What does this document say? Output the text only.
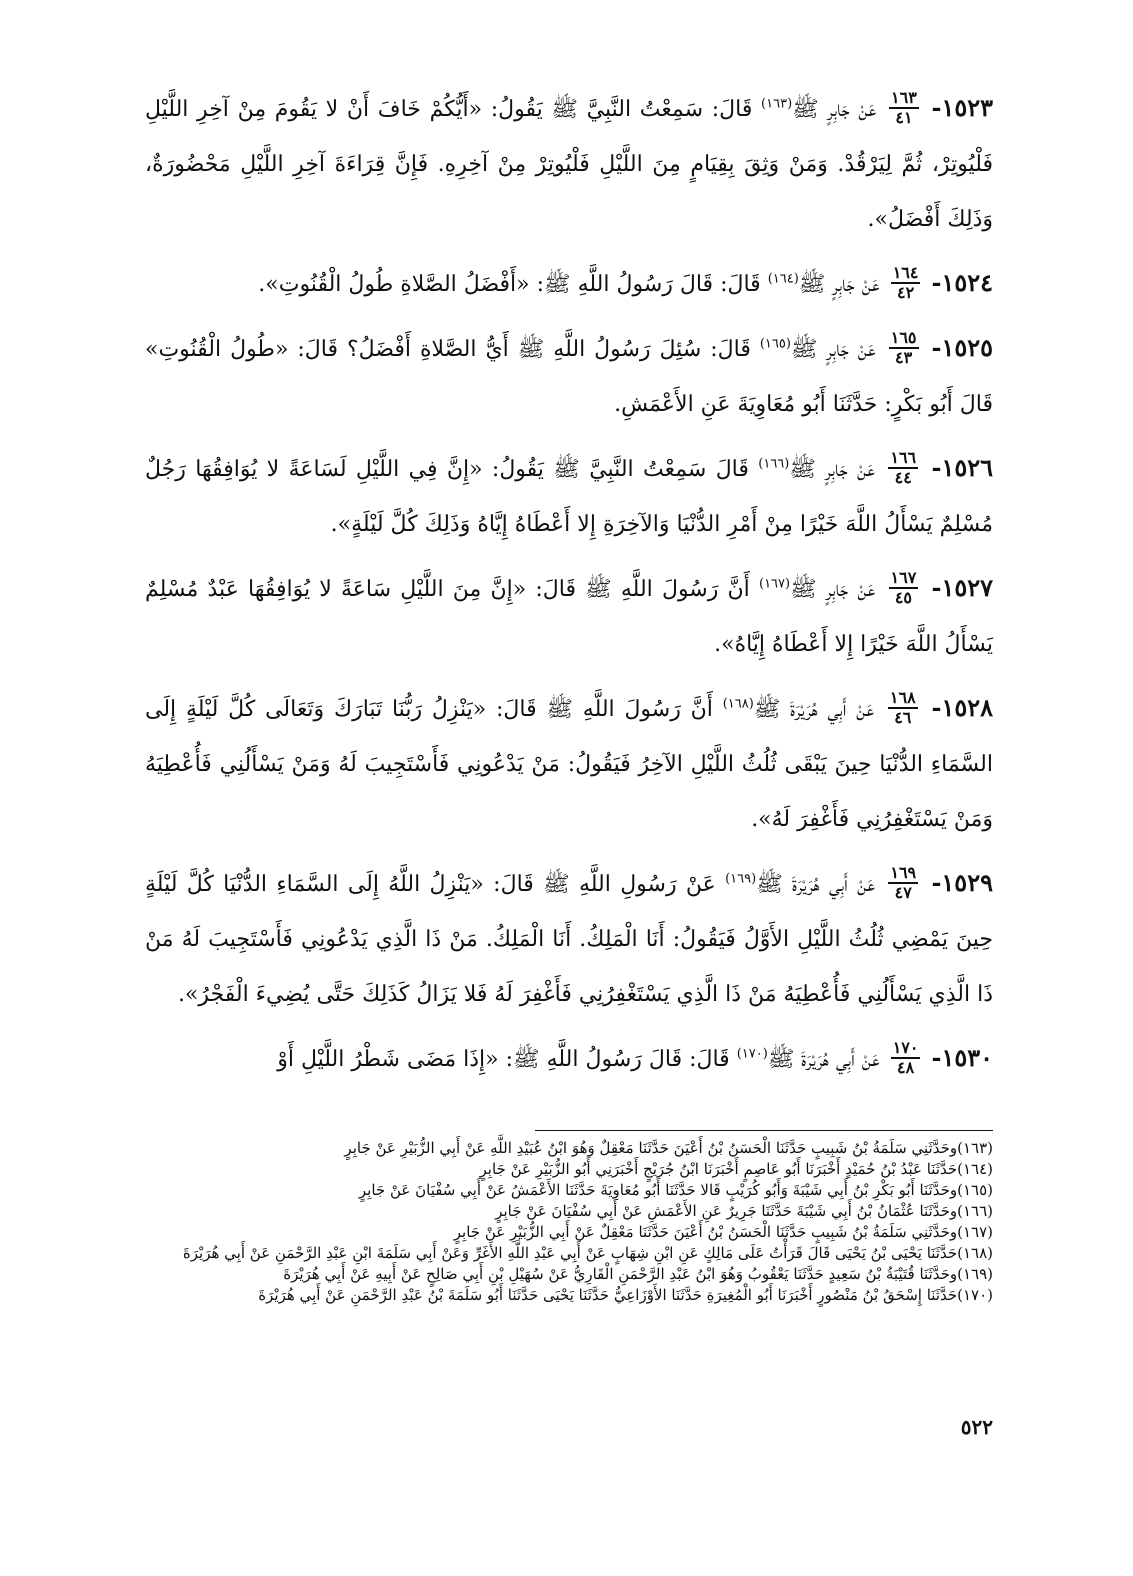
١٥٢٣-
$\frac{١٦٣}{٤١}$
عَنْ جَابِرٍ ﷺ$^{(١٦٣)}$ قَالَ: سَمِعْتُ النَّبِيَّ ﷺ يَقُولُ: «أَيُّكُمْ خَافَ أَنْ لا يَقُومَ مِنْ آخِرِ اللَّيْلِ فَلْيُوتِرْ، ثُمَّ لِيَرْقُدْ. وَمَنْ وَثِقَ بِقِيَامٍ مِنَ اللَّيْلِ فَلْيُوتِرْ مِنْ آخِرِهِ. فَإِنَّ قِرَاءَةَ آخِرِ اللَّيْلِ مَحْضُورَةٌ، وَذَلِكَ أَفْضَلُ».

١٥٢٤-
$\frac{١٦٤}{٤٢}$
عَنْ جَابِرٍ ﷺ$^{(١٦٤)}$ قَالَ: قَالَ رَسُولُ اللَّهِ ﷺ: «أَفْضَلُ الصَّلاةِ طُولُ الْقُنُوتِ».

١٥٢٥-
$\frac{١٦٥}{٤٣}$
عَنْ جَابِرٍ ﷺ$^{(١٦٥)}$ قَالَ: سُئِلَ رَسُولُ اللَّهِ ﷺ أَيُّ الصَّلاةِ أَفْضَلُ؟ قَالَ: «طُولُ الْقُنُوتِ» قَالَ أَبُو بَكْرٍ: حَدَّثَنَا أَبُو مُعَاوِيَةَ عَنِ الأَعْمَشِ.

١٥٢٦-
$\frac{١٦٦}{٤٤}$
عَنْ جَابِرٍ ﷺ$^{(١٦٦)}$ قَالَ سَمِعْتُ النَّبِيَّ ﷺ يَقُولُ: «إِنَّ فِي اللَّيْلِ لَسَاعَةً لا يُوَافِقُهَا رَجُلٌ مُسْلِمٌ يَسْأَلُ اللَّهَ خَيْرًا مِنْ أَمْرِ الدُّنْيَا وَالآخِرَةِ إِلا أَعْطَاهُ إِيَّاهُ وَذَلِكَ كُلَّ لَيْلَةٍ».

١٥٢٧-
$\frac{١٦٧}{٤٥}$
عَنْ جَابِرٍ ﷺ$^{(١٦٧)}$ أَنَّ رَسُولَ اللَّهِ ﷺ قَالَ: «إِنَّ مِنَ اللَّيْلِ سَاعَةً لا يُوَافِقُهَا عَبْدٌ مُسْلِمٌ يَسْأَلُ اللَّهَ خَيْرًا إِلا أَعْطَاهُ إِيَّاهُ».

١٥٢٨-
$\frac{١٦٨}{٤٦}$
عَنْ أَبِي هُرَيْرَةَ ﷺ$^{(١٦٨)}$ أَنَّ رَسُولَ اللَّهِ ﷺ قَالَ: «يَنْزِلُ رَبُّنَا تَبَارَكَ وَتَعَالَى كُلَّ لَيْلَةٍ إِلَى السَّمَاءِ الدُّنْيَا حِينَ يَبْقَى ثُلُثُ اللَّيْلِ الآخِرُ فَيَقُولُ: مَنْ يَدْعُونِي فَأَسْتَجِيبَ لَهُ وَمَنْ يَسْأَلُنِي فَأُعْطِيَهُ وَمَنْ يَسْتَغْفِرُنِي فَأَغْفِرَ لَهُ».

١٥٢٩-
$\frac{١٦٩}{٤٧}$
عَنْ أَبِي هُرَيْرَةَ ﷺ$^{(١٦٩)}$ عَنْ رَسُولِ اللَّهِ ﷺ قَالَ: «يَنْزِلُ اللَّهُ إِلَى السَّمَاءِ الدُّنْيَا كُلَّ لَيْلَةٍ حِينَ يَمْضِي ثُلُثُ اللَّيْلِ الأَوَّلُ فَيَقُولُ: أَنَا الْمَلِكُ. أَنَا الْمَلِكُ. مَنْ ذَا الَّذِي يَدْعُونِي فَأَسْتَجِيبَ لَهُ مَنْ ذَا الَّذِي يَسْأَلُنِي فَأُعْطِيَهُ مَنْ ذَا الَّذِي يَسْتَغْفِرُنِي فَأَغْفِرَ لَهُ فَلا يَزَالُ كَذَلِكَ حَتَّى يُضِيءَ الْفَجْرُ».

١٥٣٠-
$\frac{١٧٠}{٤٨}$
عَنْ أَبِي هُرَيْرَةَ ﷺ$^{(١٧٠)}$ قَالَ: قَالَ رَسُولُ اللَّهِ ﷺ: «إِذَا مَضَى شَطْرُ اللَّيْلِ أَوْ

(١٦٣)وحَدَّثَنِي سَلَمَةُ بْنُ شَبِيبٍ حَدَّثَنَا الْحَسَنُ بْنُ أَعْيَنَ حَدَّثَنَا مَعْقِلٌ وَهُوَ ابْنُ عُبَيْدِ اللَّهِ عَنْ أَبِي الزُّبَيْرِ عَنْ جَابِرٍ
(١٦٤)حَدَّثَنَا عَبْدُ بْنُ حُمَيْدٍ أَخْبَرَنَا أَبُو عَاصِمٍ أَخْبَرَنَا ابْنُ جُرَيْجٍ أَخْبَرَنِي أَبُو الزُّبَيْرِ عَنْ جَابِرٍ
(١٦٥)وحَدَّثَنَا أَبُو بَكْرِ بْنُ أَبِي شَيْبَةَ وَأَبُو كُرَيْبٍ قَالا حَدَّثَنَا أَبُو مُعَاوِيَةَ حَدَّثَنَا الأَعْمَشُ عَنْ أَبِي سُفْيَانَ عَنْ جَابِرٍ
(١٦٦)وحَدَّثَنَا عُثْمَانُ بْنُ أَبِي شَيْبَةَ حَدَّثَنَا جَرِيرٌ عَنِ الأَعْمَشِ عَنْ أَبِي سُفْيَانَ عَنْ جَابِرٍ
(١٦٧)وحَدَّثَنِي سَلَمَةُ بْنُ شَبِيبٍ حَدَّثَنَا الْحَسَنُ بْنُ أَعْيَنَ حَدَّثَنَا مَعْقِلٌ عَنْ أَبِي الزُّبَيْرِ عَنْ جَابِرٍ
(١٦٨)حَدَّثَنَا يَحْيَى بْنُ يَحْيَى قَالَ قَرَأْتُ عَلَى مَالِكٍ عَنِ ابْنِ شِهَابٍ عَنْ أَبِي عَبْدِ اللَّهِ الأَغَرِّ وَعَنْ أَبِي سَلَمَةَ ابْنِ عَبْدِ الرَّحْمَنِ عَنْ أَبِي هُرَيْرَةَ
(١٦٩)وحَدَّثَنَا قُتَيْبَةُ بْنُ سَعِيدٍ حَدَّثَنَا يَعْقُوبُ وَهُوَ ابْنُ عَبْدِ الرَّحْمَنِ الْقَارِيُّ عَنْ سُهَيْلِ بْنِ أَبِي صَالِحٍ عَنْ أَبِيهِ عَنْ أَبِي هُرَيْرَةَ
(١٧٠)حَدَّثَنَا إِسْحَقُ بْنُ مَنْصُورٍ أَخْبَرَنَا أَبُو الْمُغِيرَةِ حَدَّثَنَا الأَوْزَاعِيُّ حَدَّثَنَا يَحْيَى حَدَّثَنَا أَبُو سَلَمَةَ بْنُ عَبْدِ الرَّحْمَنِ عَنْ أَبِي هُرَيْرَةَ
٥٢٢
